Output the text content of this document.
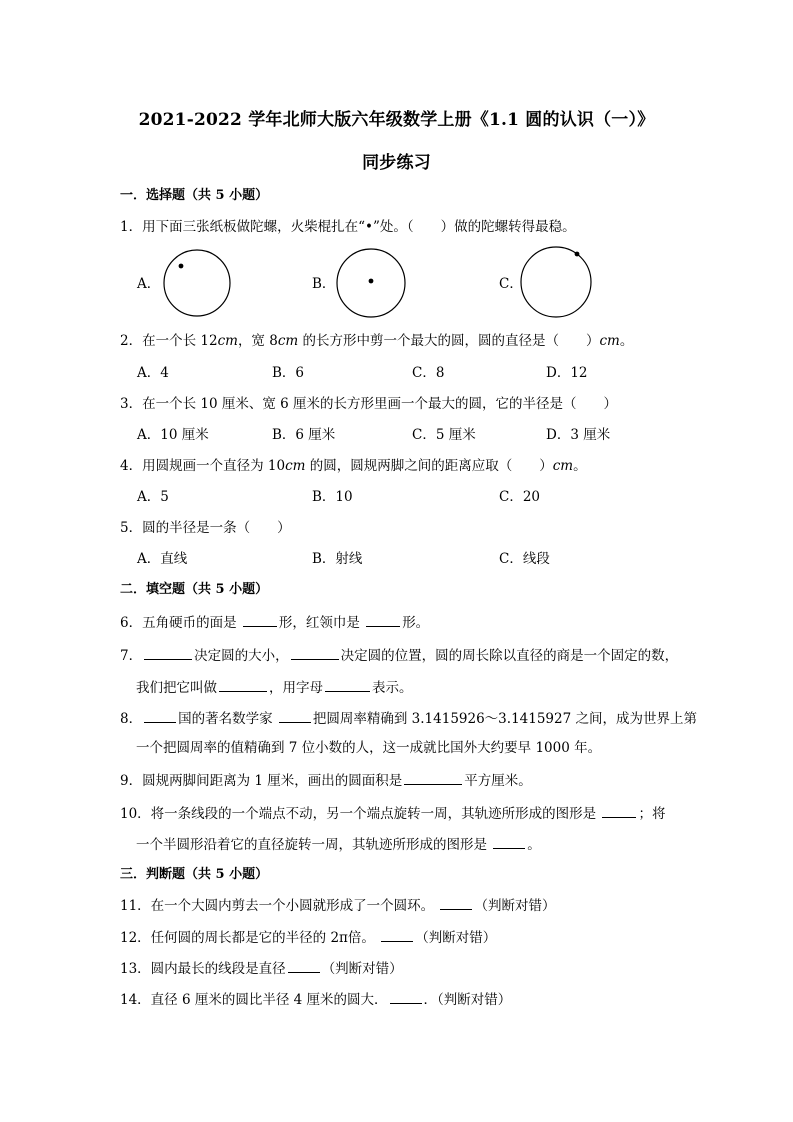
2021-2022 学年北师大版六年级数学上册《1.1 圆的认识（一）》
同步练习
一．选择题（共 5 小题）
1．用下面三张纸板做陀螺，火柴棍扎在“•”处。（　　）做的陀螺转得最稳。
A．	B．	C．
2．在一个长 12cm，宽 8cm 的长方形中剪一个最大的圆，圆的直径是（　　）cm。
A．4	B．6	C．8	D．12
3．在一个长 10 厘米、宽 6 厘米的长方形里画一个最大的圆，它的半径是（　　）
A．10 厘米	B．6 厘米	C．5 厘米	D．3 厘米
4．用圆规画一个直径为 10cm 的圆，圆规两脚之间的距离应取（　　）cm。
A．5	B．10	C．20
5．圆的半径是一条（　　）
A．直线	B．射线	C．线段
二．填空题（共 5 小题）
6．五角硬币的面是	形，红领巾是	形。
7．	决定圆的大小，	决定圆的位置，圆的周长除以直径的商是一个固定的数，
我们把它叫做	，用字母	表示。
8．	国的著名数学家	把圆周率精确到 3.1415926～3.1415927 之间，成为世界上第
一个把圆周率的值精确到 7 位小数的人，这一成就比国外大约要早 1000 年。
9．圆规两脚间距离为 1 厘米，画出的圆面积是	平方厘米。
10．将一条线段的一个端点不动，另一个端点旋转一周，其轨迹所形成的图形是	；将
一个半圆形沿着它的直径旋转一周，其轨迹所形成的图形是	。
三．判断题（共 5 小题）
11．在一个大圆内剪去一个小圆就形成了一个圆环。	（判断对错）
12．任何圆的周长都是它的半径的 2π倍。	（判断对错）
13．圆内最长的线段是直径	（判断对错）
14．直径 6 厘米的圆比半径 4 厘米的圆大．	．（判断对错）
